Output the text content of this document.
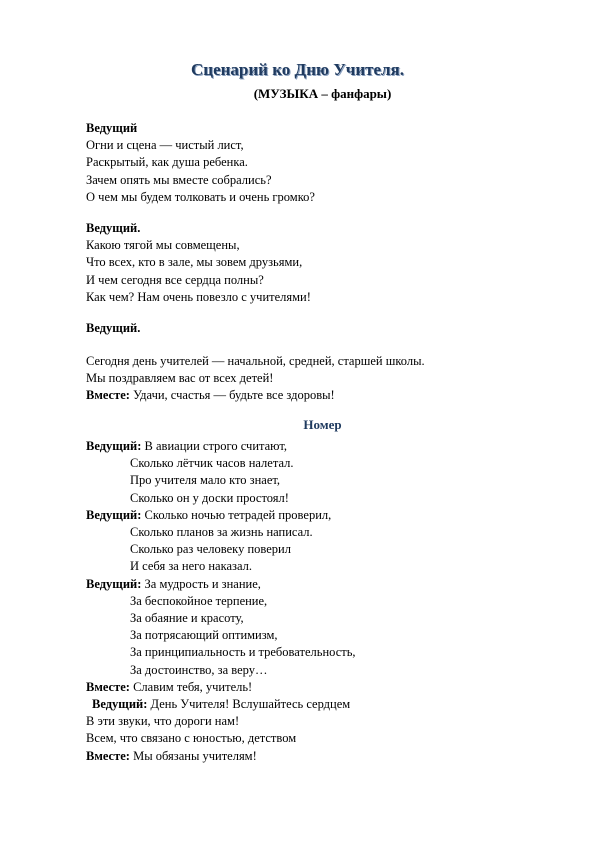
Сценарий ко Дню Учителя.
(МУЗЫКА – фанфары)
Ведущий
Огни и сцена — чистый лист,
Раскрытый, как душа ребенка.
Зачем опять мы вместе собрались?
О чем мы будем толковать и очень громко?
Ведущий.
Какою тягой мы совмещены,
Что всех, кто в зале, мы зовем друзьями,
И чем сегодня все сердца полны?
Как чем? Нам очень повезло с учителями!
Ведущий.
Сегодня день учителей — начальной, средней, старшей школы.
Мы поздравляем вас от всех детей!
Вместе: Удачи, счастья — будьте все здоровы!
Номер
Ведущий: В авиации строго считают,
Сколько лётчик часов налетал.
Про учителя мало кто знает,
Сколько он у доски простоял!
Ведущий: Сколько ночью тетрадей проверил,
Сколько планов за жизнь написал.
Сколько раз человеку поверил
И себя за него наказал.
Ведущий: За мудрость и знание,
За беспокойное терпение,
За обаяние и красоту,
За потрясающий оптимизм,
За принципиальность и требовательность,
За достоинство, за веру…
Вместе: Славим тебя, учитель!
Ведущий: День Учителя! Вслушайтесь сердцем
В эти звуки, что дороги нам!
Всем, что связано с юностью, детством
Вместе: Мы обязаны учителям!
